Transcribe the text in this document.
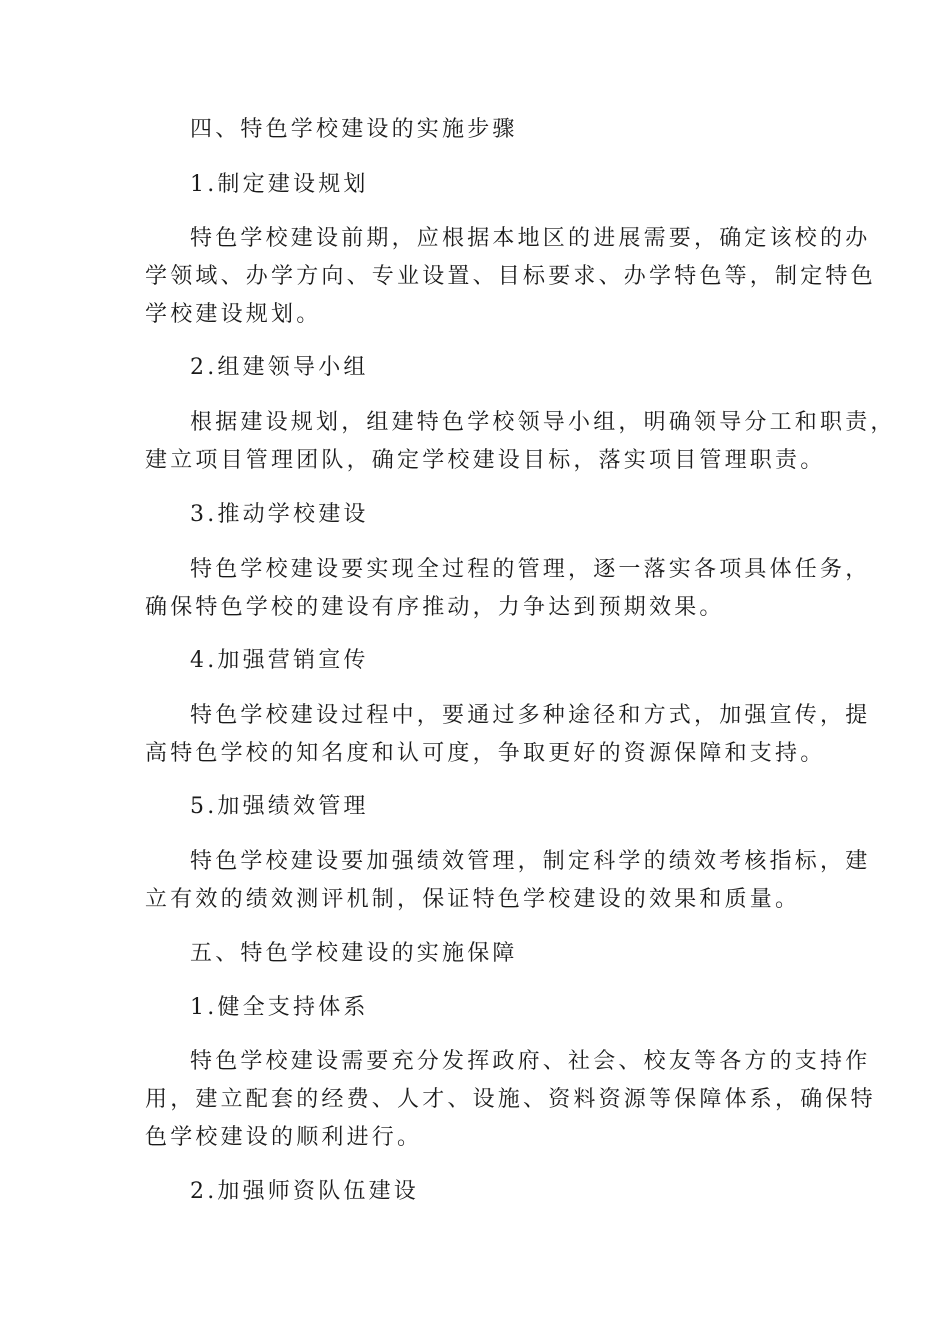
四、特色学校建设的实施步骤
1.制定建设规划
特色学校建设前期，应根据本地区的进展需要，确定该校的办
学领域、办学方向、专业设置、目标要求、办学特色等，制定特色
学校建设规划。
2.组建领导小组
根据建设规划，组建特色学校领导小组，明确领导分工和职责，
建立项目管理团队，确定学校建设目标，落实项目管理职责。
3.推动学校建设
特色学校建设要实现全过程的管理，逐一落实各项具体任务，
确保特色学校的建设有序推动，力争达到预期效果。
4.加强营销宣传
特色学校建设过程中，要通过多种途径和方式，加强宣传，提
高特色学校的知名度和认可度，争取更好的资源保障和支持。
5.加强绩效管理
特色学校建设要加强绩效管理，制定科学的绩效考核指标，建
立有效的绩效测评机制，保证特色学校建设的效果和质量。
五、特色学校建设的实施保障
1.健全支持体系
特色学校建设需要充分发挥政府、社会、校友等各方的支持作
用，建立配套的经费、人才、设施、资料资源等保障体系，确保特
色学校建设的顺利进行。
2.加强师资队伍建设
